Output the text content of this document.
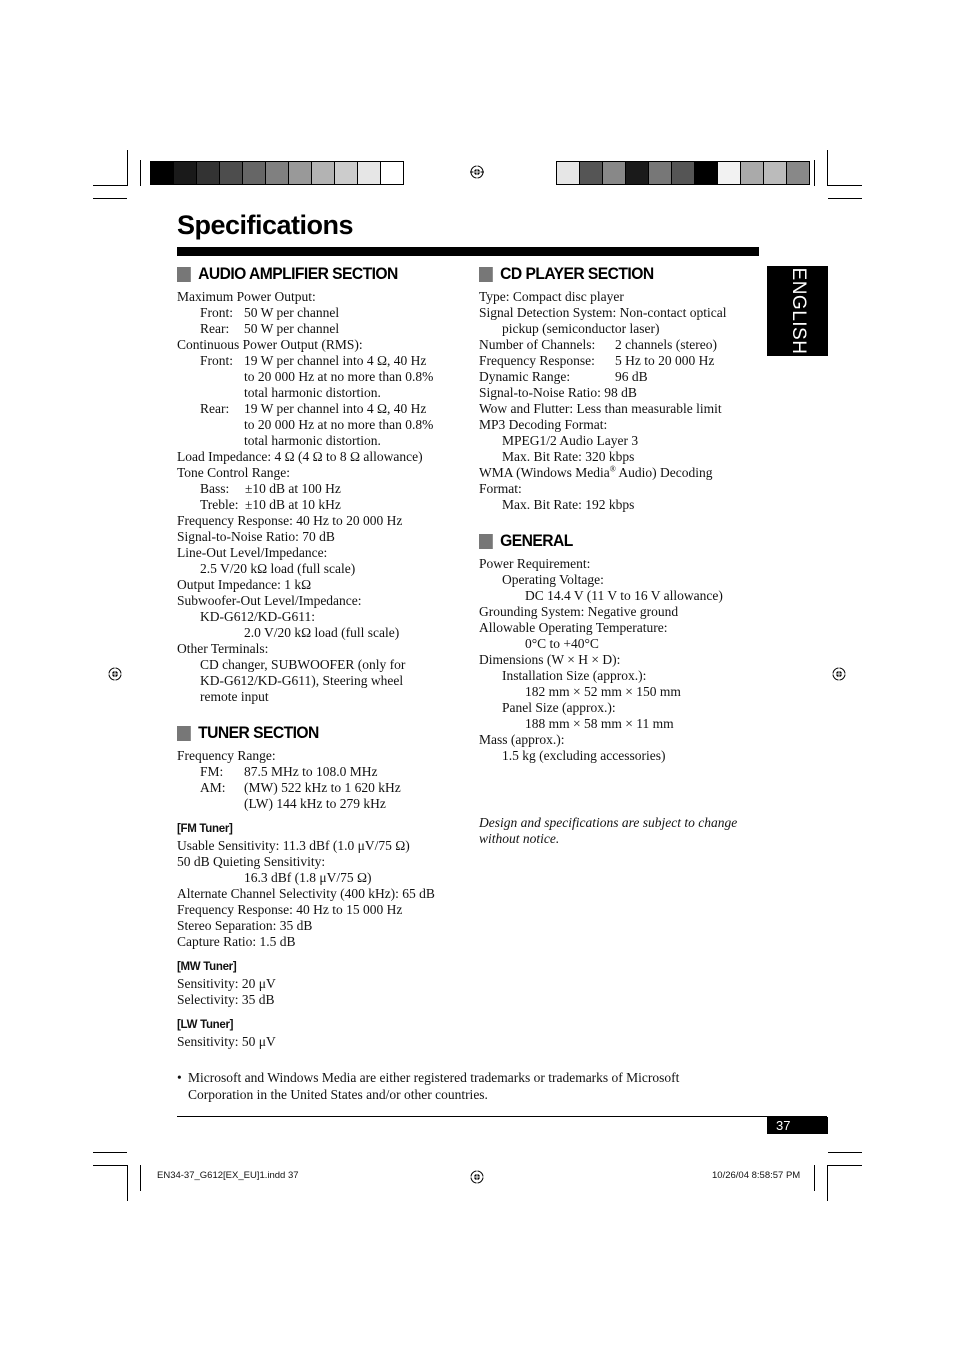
Specifications
ENGLISH
AUDIO AMPLIFIER SECTION
Maximum Power Output:
Front: 50 W per channel
Rear: 50 W per channel
Continuous Power Output (RMS):
Front: 19 W per channel into 4 Ω, 40 Hz
to 20 000 Hz at no more than 0.8%
total harmonic distortion.
Rear: 19 W per channel into 4 Ω, 40 Hz
to 20 000 Hz at no more than 0.8%
total harmonic distortion.
Load Impedance: 4 Ω (4 Ω to 8 Ω allowance)
Tone Control Range:
Bass: ±10 dB at 100 Hz
Treble: ±10 dB at 10 kHz
Frequency Response: 40 Hz to 20 000 Hz
Signal-to-Noise Ratio: 70 dB
Line-Out Level/Impedance:
2.5 V/20 kΩ load (full scale)
Output Impedance: 1 kΩ
Subwoofer-Out Level/Impedance:
KD-G612/KD-G611:
2.0 V/20 kΩ load (full scale)
Other Terminals:
CD changer, SUBWOOFER (only for
KD-G612/KD-G611), Steering wheel
remote input
TUNER SECTION
Frequency Range:
FM: 87.5 MHz to 108.0 MHz
AM: (MW) 522 kHz to 1 620 kHz
(LW) 144 kHz to 279 kHz
[FM Tuner]
Usable Sensitivity: 11.3 dBf (1.0 μV/75 Ω)
50 dB Quieting Sensitivity:
16.3 dBf (1.8 μV/75 Ω)
Alternate Channel Selectivity (400 kHz): 65 dB
Frequency Response: 40 Hz to 15 000 Hz
Stereo Separation: 35 dB
Capture Ratio: 1.5 dB
[MW Tuner]
Sensitivity: 20 μV
Selectivity: 35 dB
[LW Tuner]
Sensitivity: 50 μV
CD PLAYER SECTION
Type: Compact disc player
Signal Detection System: Non-contact optical
pickup (semiconductor laser)
Number of Channels: 2 channels (stereo)
Frequency Response: 5 Hz to 20 000 Hz
Dynamic Range:	96 dB
Signal-to-Noise Ratio: 98 dB
Wow and Flutter: Less than measurable limit
MP3 Decoding Format:
MPEG1/2 Audio Layer 3
Max. Bit Rate: 320 kbps
WMA (Windows Media® Audio) Decoding
Format:
Max. Bit Rate: 192 kbps
GENERAL
Power Requirement:
Operating Voltage:
DC 14.4 V (11 V to 16 V allowance)
Grounding System: Negative ground
Allowable Operating Temperature:
0°C to +40°C
Dimensions (W × H × D):
Installation Size (approx.):
182 mm × 52 mm × 150 mm
Panel Size (approx.):
188 mm × 58 mm × 11 mm
Mass (approx.):
1.5 kg (excluding accessories)
Design and specifications are subject to change without notice.
• Microsoft and Windows Media are either registered trademarks or trademarks of Microsoft
Corporation in the United States and/or other countries.
37
EN34-37_G612[EX_EU]1.indd 37	10/26/04 8:58:57 PM
